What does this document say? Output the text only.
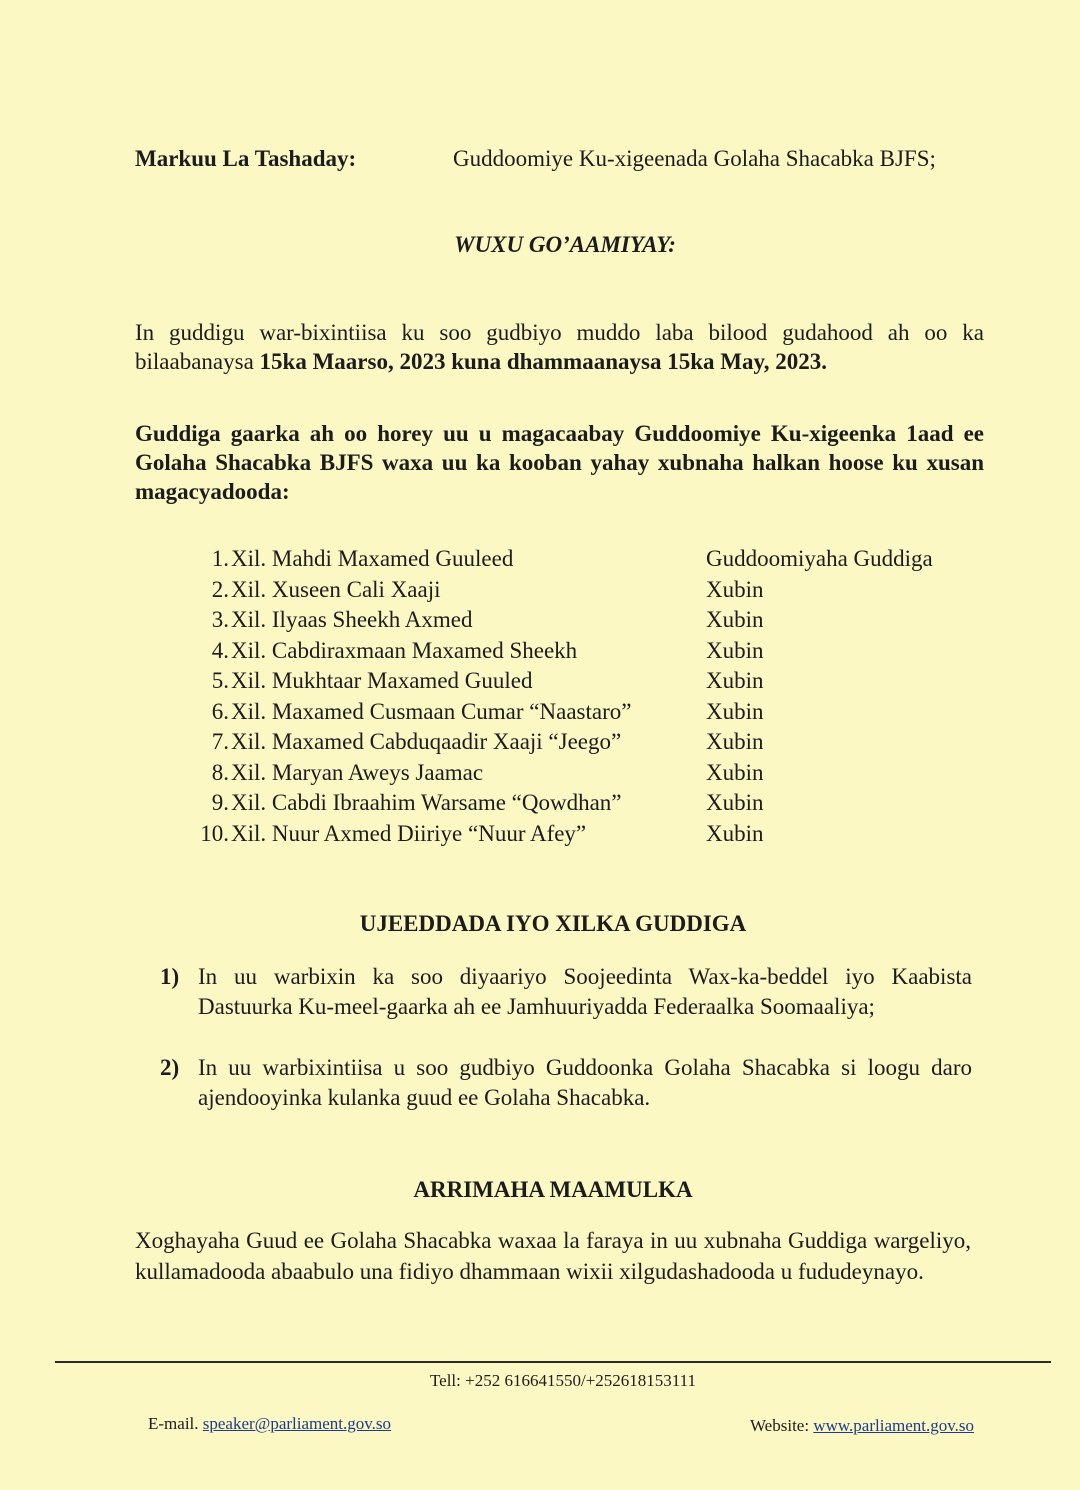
Markuu La Tashaday:	Guddoomiye Ku-xigeenada Golaha Shacabka BJFS;
WUXU GO’AAMIYAY:
In guddigu war-bixintiisa ku soo gudbiyo muddo laba bilood gudahood ah oo ka bilaabanaysa 15ka Maarso, 2023 kuna dhammaanaysa 15ka May, 2023.
Guddiga gaarka ah oo horey uu u magacaabay Guddoomiye Ku-xigeenka 1aad ee Golaha Shacabka BJFS waxa uu ka kooban yahay xubnaha halkan hoose ku xusan magacyadooda:
1. Xil. Mahdi Maxamed Guuleed	Guddoomiyaha Guddiga
2. Xil. Xuseen Cali Xaaji	Xubin
3. Xil. Ilyaas Sheekh Axmed	Xubin
4. Xil. Cabdiraxmaan Maxamed Sheekh	Xubin
5. Xil. Mukhtaar Maxamed Guuled	Xubin
6. Xil. Maxamed Cusmaan Cumar “Naastaro”	Xubin
7. Xil. Maxamed Cabduqaadir Xaaji “Jeego”	Xubin
8. Xil. Maryan Aweys Jaamac	Xubin
9. Xil. Cabdi Ibraahim Warsame “Qowdhan”	Xubin
10. Xil. Nuur Axmed Diiriye “Nuur Afey”	Xubin
UJEEDDADA IYO XILKA GUDDIGA
1) In uu warbixin ka soo diyaariyo Soojeedinta Wax-ka-beddel iyo Kaabista Dastuurka Ku-meel-gaarka ah ee Jamhuuriyadda Federaalka Soomaaliya;
2) In uu warbixintiisa u soo gudbiyo Guddoonka Golaha Shacabka si loogu daro ajendooyinka kulanka guud ee Golaha Shacabka.
ARRIMAHA MAAMULKA
Xoghayaha Guud ee Golaha Shacabka waxaa la faraya in uu xubnaha Guddiga wargeliyo, kullamadooda abaabulo una fidiyo dhammaan wixii xilgudashadooda u fududeynayo.
Tell: +252 616641550/+252618153111
E-mail. speaker@parliament.gov.so	Website: www.parliament.gov.so
